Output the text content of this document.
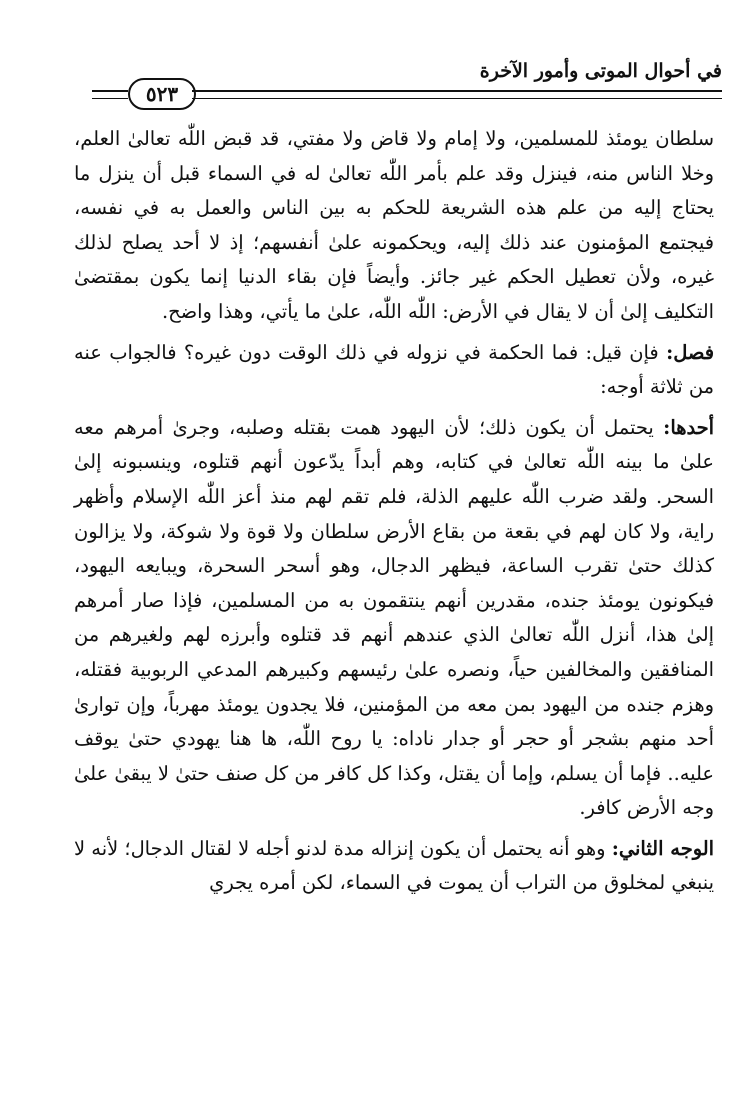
٥٢٣
في أحوال الموتى وأمور الآخرة

سلطان يومئذ للمسلمين، ولا إمام ولا قاض ولا مفتي، قد قبض اللّٰه تعالىٰ العلم، وخلا الناس منه، فينزل وقد علم بأمر اللّٰه تعالىٰ له في السماء قبل أن ينزل ما يحتاج إليه من علم هذه الشريعة للحكم به بين الناس والعمل به في نفسه، فيجتمع المؤمنون عند ذلك إليه، ويحكمونه علىٰ أنفسهم؛ إذ لا أحد يصلح لذلك غيره، ولأن تعطيل الحكم غير جائز. وأيضاً فإن بقاء الدنيا إنما يكون بمقتضىٰ التكليف إلىٰ أن لا يقال في الأرض: اللّٰه اللّٰه، علىٰ ما يأتي، وهذا واضح.

فصل: فإن قيل: فما الحكمة في نزوله في ذلك الوقت دون غيره؟ فالجواب عنه من ثلاثة أوجه:

أحدها: يحتمل أن يكون ذلك؛ لأن اليهود همت بقتله وصلبه، وجرىٰ أمرهم معه علىٰ ما بينه اللّٰه تعالىٰ في كتابه، وهم أبداً يدّعون أنهم قتلوه، وينسبونه إلىٰ السحر. ولقد ضرب اللّٰه عليهم الذلة، فلم تقم لهم منذ أعز اللّٰه الإسلام وأظهر راية، ولا كان لهم في بقعة من بقاع الأرض سلطان ولا قوة ولا شوكة، ولا يزالون كذلك حتىٰ تقرب الساعة، فيظهر الدجال، وهو أسحر السحرة، ويبايعه اليهود، فيكونون يومئذ جنده، مقدرين أنهم ينتقمون به من المسلمين، فإذا صار أمرهم إلىٰ هذا، أنزل اللّٰه تعالىٰ الذي عندهم أنهم قد قتلوه وأبرزه لهم ولغيرهم من المنافقين والمخالفين حياً، ونصره علىٰ رئيسهم وكبيرهم المدعي الربوبية فقتله، وهزم جنده من اليهود بمن معه من المؤمنين، فلا يجدون يومئذ مهرباً، وإن توارىٰ أحد منهم بشجر أو حجر أو جدار ناداه: يا روح اللّٰه، ها هنا يهودي حتىٰ يوقف عليه.. فإما أن يسلم، وإما أن يقتل، وكذا كل كافر من كل صنف حتىٰ لا يبقىٰ علىٰ وجه الأرض كافر.

الوجه الثاني: وهو أنه يحتمل أن يكون إنزاله مدة لدنو أجله لا لقتال الدجال؛ لأنه لا ينبغي لمخلوق من التراب أن يموت في السماء، لكن أمره يجري
